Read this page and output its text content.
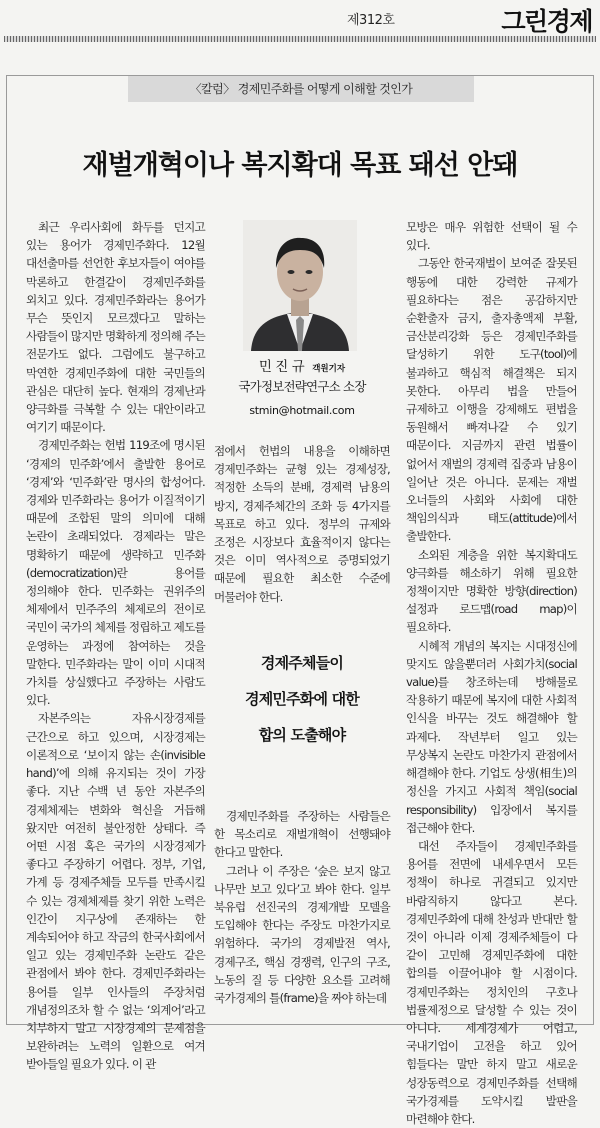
제312호	그린경제
〈칼럼〉 경제민주화를 어떻게 이해할 것인가
재벌개혁이나 복지확대 목표 돼선 안돼

최근 우리사회에 화두를 던지고 있는 용어가 경제민주화다. 12월 대선출마를 선언한 후보자들이 여야를 막론하고 한결같이 경제민주화를 외치고 있다. 경제민주화라는 용어가 무슨 뜻인지 모르겠다고 말하는 사람들이 많지만 명확하게 정의해 주는 전문가도 없다. 그럼에도 불구하고 막연한 경제민주화에 대한 국민들의 관심은 대단히 높다. 현재의 경제난과 양극화를 극복할 수 있는 대안이라고 여기기 때문이다.

경제민주화는 헌법 119조에 명시된 ‘경제의 민주화’에서 출발한 용어로 ‘경제’와 ‘민주화’란 명사의 합성어다. 경제와 민주화라는 용어가 이질적이기 때문에 조합된 말의 의미에 대해 논란이 초래되었다. 경제라는 말은 명확하기 때문에 생략하고 민주화(democratization)란 용어를 정의해야 한다. 민주화는 권위주의 체제에서 민주주의 체제로의 전이로 국민이 국가의 체제를 정립하고 제도를 운영하는 과정에 참여하는 것을 말한다. 민주화라는 말이 이미 시대적 가치를 상실했다고 주장하는 사람도 있다.

자본주의는 자유시장경제를 근간으로 하고 있으며, 시장경제는 이론적으로 ‘보이지 않는 손(invisible hand)’에 의해 유지되는 것이 가장 좋다. 지난 수백 년 동안 자본주의 경제체제는 변화와 혁신을 거듭해 왔지만 여전히 불안정한 상태다. 즉 어떤 시점 혹은 국가의 시장경제가 좋다고 주장하기 어렵다. 정부, 기업, 가계 등 경제주체들 모두를 만족시킬 수 있는 경제체제를 찾기 위한 노력은 인간이 지구상에 존재하는 한 계속되어야 하고 작금의 한국사회에서 일고 있는 경제민주화 논란도 같은 관점에서 봐야 한다. 경제민주화라는 용어를 일부 인사들의 주장처럼 개념정의조차 할 수 없는 ‘외계어’라고 치부하지 말고 시장경제의 문제점을 보완하려는 노력의 일환으로 여겨 받아들일 필요가 있다. 이 관

민 진 규 객원기자
국가정보전략연구소 소장
stmin@hotmail.com

점에서 헌법의 내용을 이해하면 경제민주화는 균형 있는 경제성장, 적정한 소득의 분배, 경제력 남용의 방지, 경제주체간의 조화 등 4가지를 목표로 하고 있다. 정부의 규제와 조정은 시장보다 효율적이지 않다는 것은 이미 역사적으로 증명되었기 때문에 필요한 최소한 수준에 머물러야 한다.

경제주체들이
경제민주화에 대한
합의 도출해야

경제민주화를 주장하는 사람들은 한 목소리로 재벌개혁이 선행돼야 한다고 말한다.

그러나 이 주장은 ‘숲은 보지 않고 나무만 보고 있다’고 봐야 한다. 일부 북유럽 선진국의 경제개발 모델을 도입해야 한다는 주장도 마찬가지로 위험하다. 국가의 경제발전 역사, 경제구조, 핵심 경쟁력, 인구의 구조, 노동의 질 등 다양한 요소를 고려해 국가경제의 틀(frame)을 짜야 하는데

모방은 매우 위험한 선택이 될 수 있다.

그동안 한국재벌이 보여준 잘못된 행동에 대한 강력한 규제가 필요하다는 점은 공감하지만 순환출자 금지, 출자총액제 부활, 금산분리강화 등은 경제민주화를 달성하기 위한 도구(tool)에 불과하고 핵심적 해결책은 되지 못한다. 아무리 법을 만들어 규제하고 이행을 강제해도 편법을 동원해서 빠져나갈 수 있기 때문이다. 지금까지 관련 법률이 없어서 재벌의 경제력 집중과 남용이 일어난 것은 아니다. 문제는 재벌 오너들의 사회와 사회에 대한 책임의식과 태도(attitude)에서 출발한다.

소외된 계층을 위한 복지확대도 양극화를 해소하기 위해 필요한 정책이지만 명확한 방향(direction)설정과 로드맵(road map)이 필요하다.

시혜적 개념의 복지는 시대정신에 맞지도 않을뿐더러 사회가치(social value)를 창조하는데 방해물로 작용하기 때문에 복지에 대한 사회적 인식을 바꾸는 것도 해결해야 할 과제다. 작년부터 일고 있는 무상복지 논란도 마찬가지 관점에서 해결해야 한다. 기업도 상생(相生)의 정신을 가지고 사회적 책임(social responsibility) 입장에서 복지를 접근해야 한다.

대선 주자들이 경제민주화를 용어를 전면에 내세우면서 모든 정책이 하나로 귀결되고 있지만 바람직하지 않다고 본다. 경제민주화에 대해 찬성과 반대만 할 것이 아니라 이제 경제주체들이 다 같이 고민해 경제민주화에 대한 합의를 이끌어내야 할 시점이다. 경제민주화는 정치인의 구호나 법률제정으로 달성할 수 있는 것이 아니다. 세계경제가 어렵고, 국내기업이 고전을 하고 있어 힘들다는 말만 하지 말고 새로운 성장동력으로 경제민주화를 선택해 국가경제를 도약시킬 발판을 마련해야 한다.
